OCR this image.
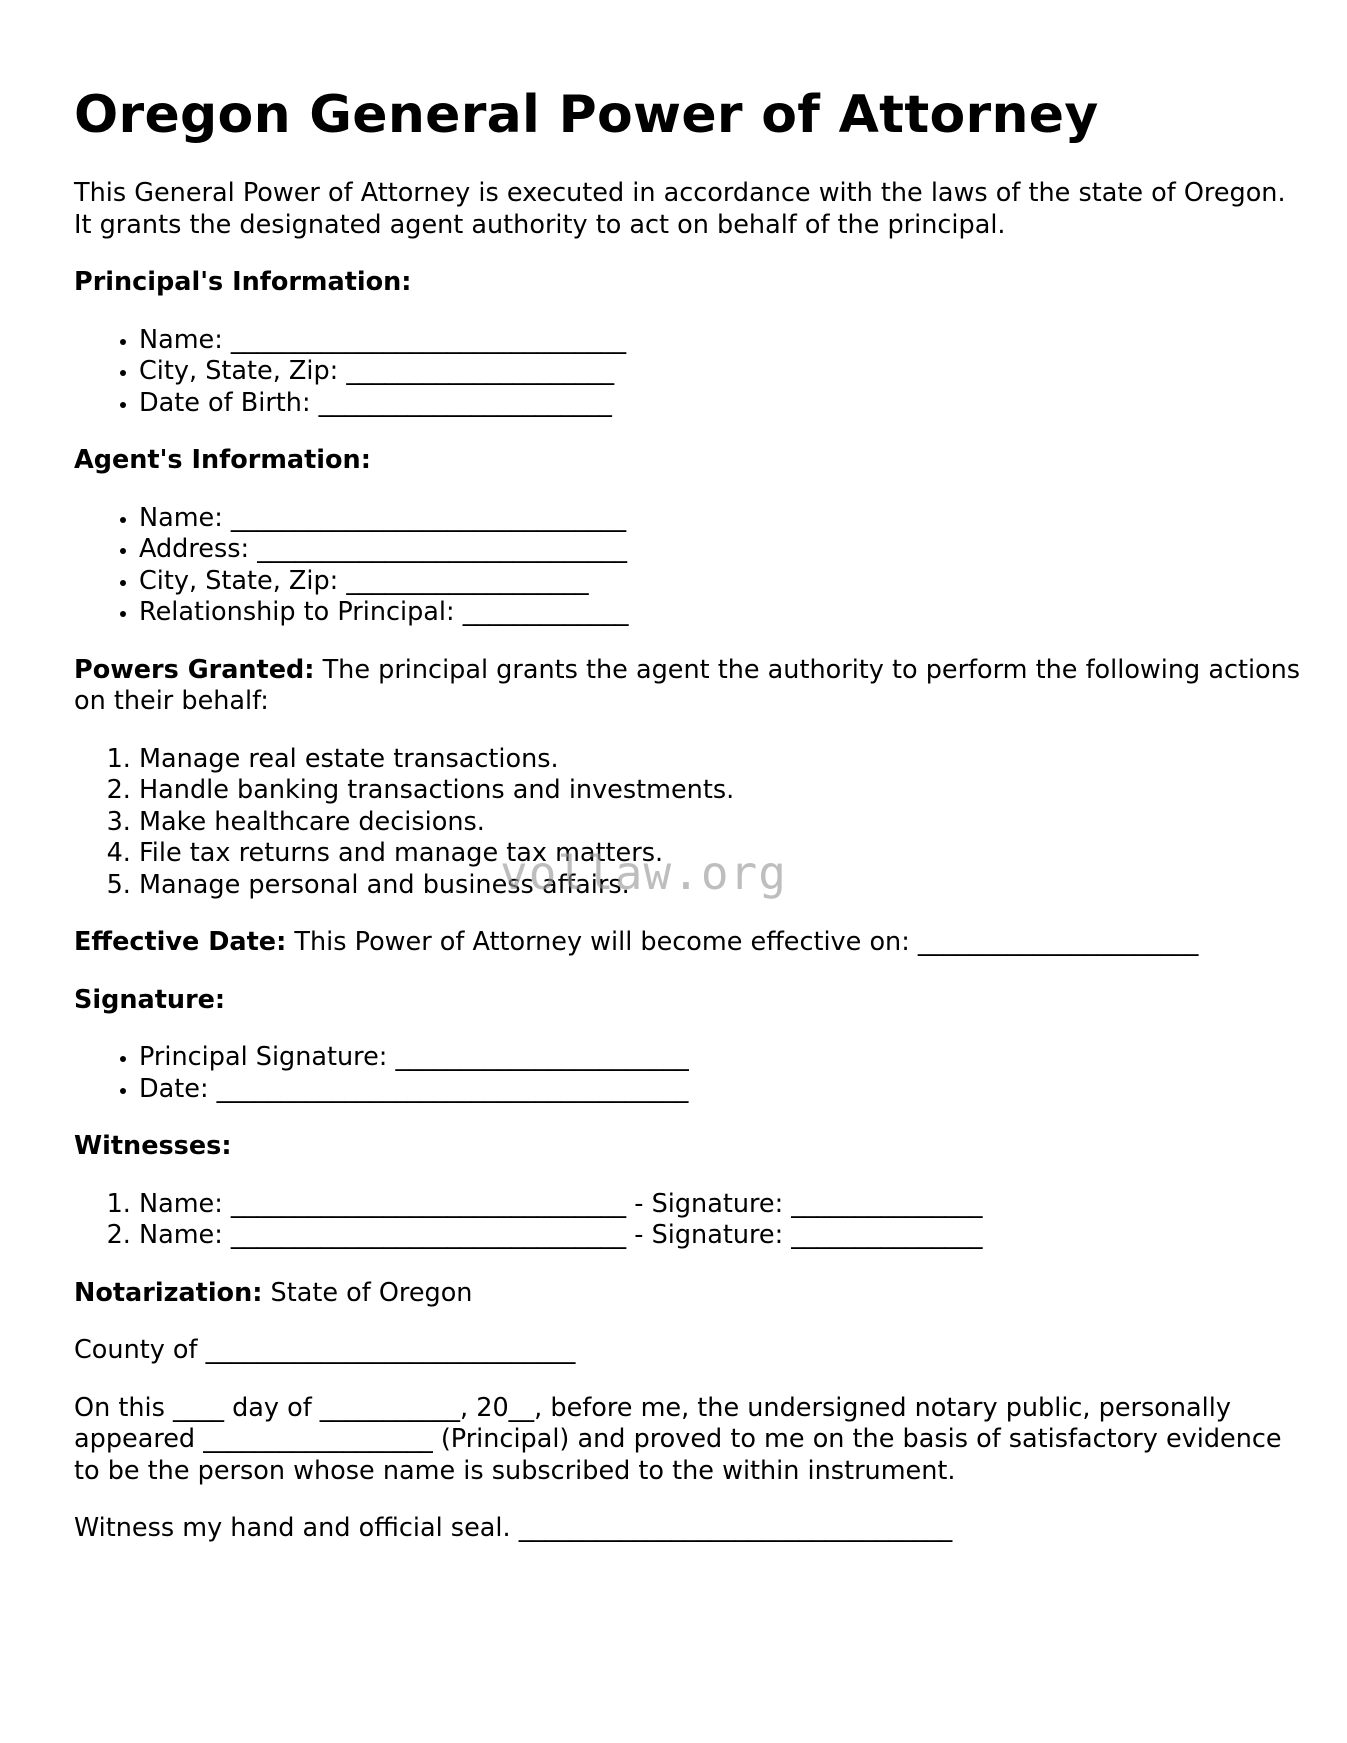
Oregon General Power of Attorney

This General Power of Attorney is executed in accordance with the laws of the state of Oregon. It grants the designated agent authority to act on behalf of the principal.

Principal's Information:

• Name: _______________________________
• City, State, Zip: _____________________
• Date of Birth: _______________________

Agent's Information:

• Name: _______________________________
• Address: _____________________________
• City, State, Zip: ___________________
• Relationship to Principal: _____________

Powers Granted: The principal grants the agent the authority to perform the following actions on their behalf:

1. Manage real estate transactions.
2. Handle banking transactions and investments.
3. Make healthcare decisions.
4. File tax returns and manage tax matters.
5. Manage personal and business affairs.

Effective Date: This Power of Attorney will become effective on: ______________________

Signature:

• Principal Signature: _______________________
• Date: _____________________________________

Witnesses:

1. Name: _______________________________ - Signature: _______________
2. Name: _______________________________ - Signature: _______________

Notarization: State of Oregon

County of _____________________________

On this ____ day of ___________, 20__, before me, the undersigned notary public, personally appeared __________________ (Principal) and proved to me on the basis of satisfactory evidence to be the person whose name is subscribed to the within instrument.

Witness my hand and official seal. __________________________________

vollaw.org
